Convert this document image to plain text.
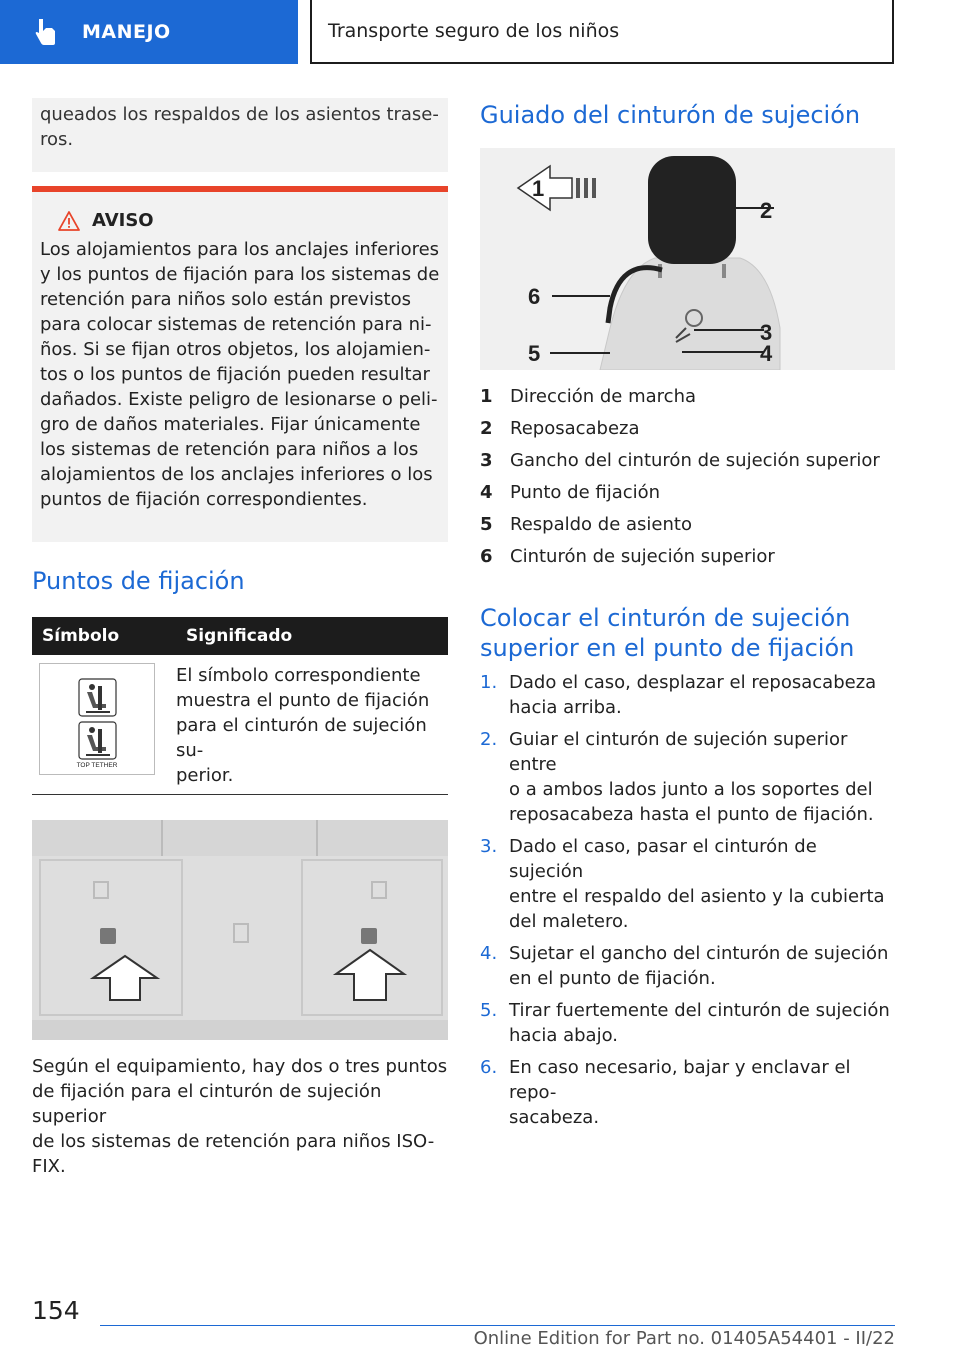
MANEJO	Transporte seguro de los niños

queados los respaldos de los asientos trase-
ros.

AVISO

Los alojamientos para los anclajes inferiores

y los puntos de fijación para los sistemas de

retención para niños solo están previstos

para colocar sistemas de retención para ni-

ños. Si se fijan otros objetos, los alojamien-

tos o los puntos de fijación pueden resultar

dañados. Existe peligro de lesionarse o peli-

gro de daños materiales. Fijar únicamente

los sistemas de retención para niños a los

alojamientos de los anclajes inferiores o los

puntos de fijación correspondientes.

Puntos de fijación
Símbolo	Significado

TOP TETHER	El símbolo correspondiente

muestra el punto de fijación

para el cinturón de sujeción su-

perior.

Según el equipamiento, hay dos o tres puntos

de fijación para el cinturón de sujeción superior

de los sistemas de retención para niños ISO-

FIX.

Guiado del cinturón de sujeción
1
2
6
3
5	4
1 Dirección de marcha
2 Reposacabeza
3 Gancho del cinturón de sujeción superior
4 Punto de fijación
5 Respaldo de asiento
6 Cinturón de sujeción superior
Colocar el cinturón de sujeción
superior en el punto de fijación
1. Dado el caso, desplazar el reposacabeza
hacia arriba.
2. Guiar el cinturón de sujeción superior entre
o a ambos lados junto a los soportes del
reposacabeza hasta el punto de fijación.
3. Dado el caso, pasar el cinturón de sujeción
entre el respaldo del asiento y la cubierta
del maletero.
4. Sujetar el gancho del cinturón de sujeción
en el punto de fijación.
5. Tirar fuertemente del cinturón de sujeción
hacia abajo.
6. En caso necesario, bajar y enclavar el repo-
sacabeza.
154
Online Edition for Part no. 01405A54401 - II/22
